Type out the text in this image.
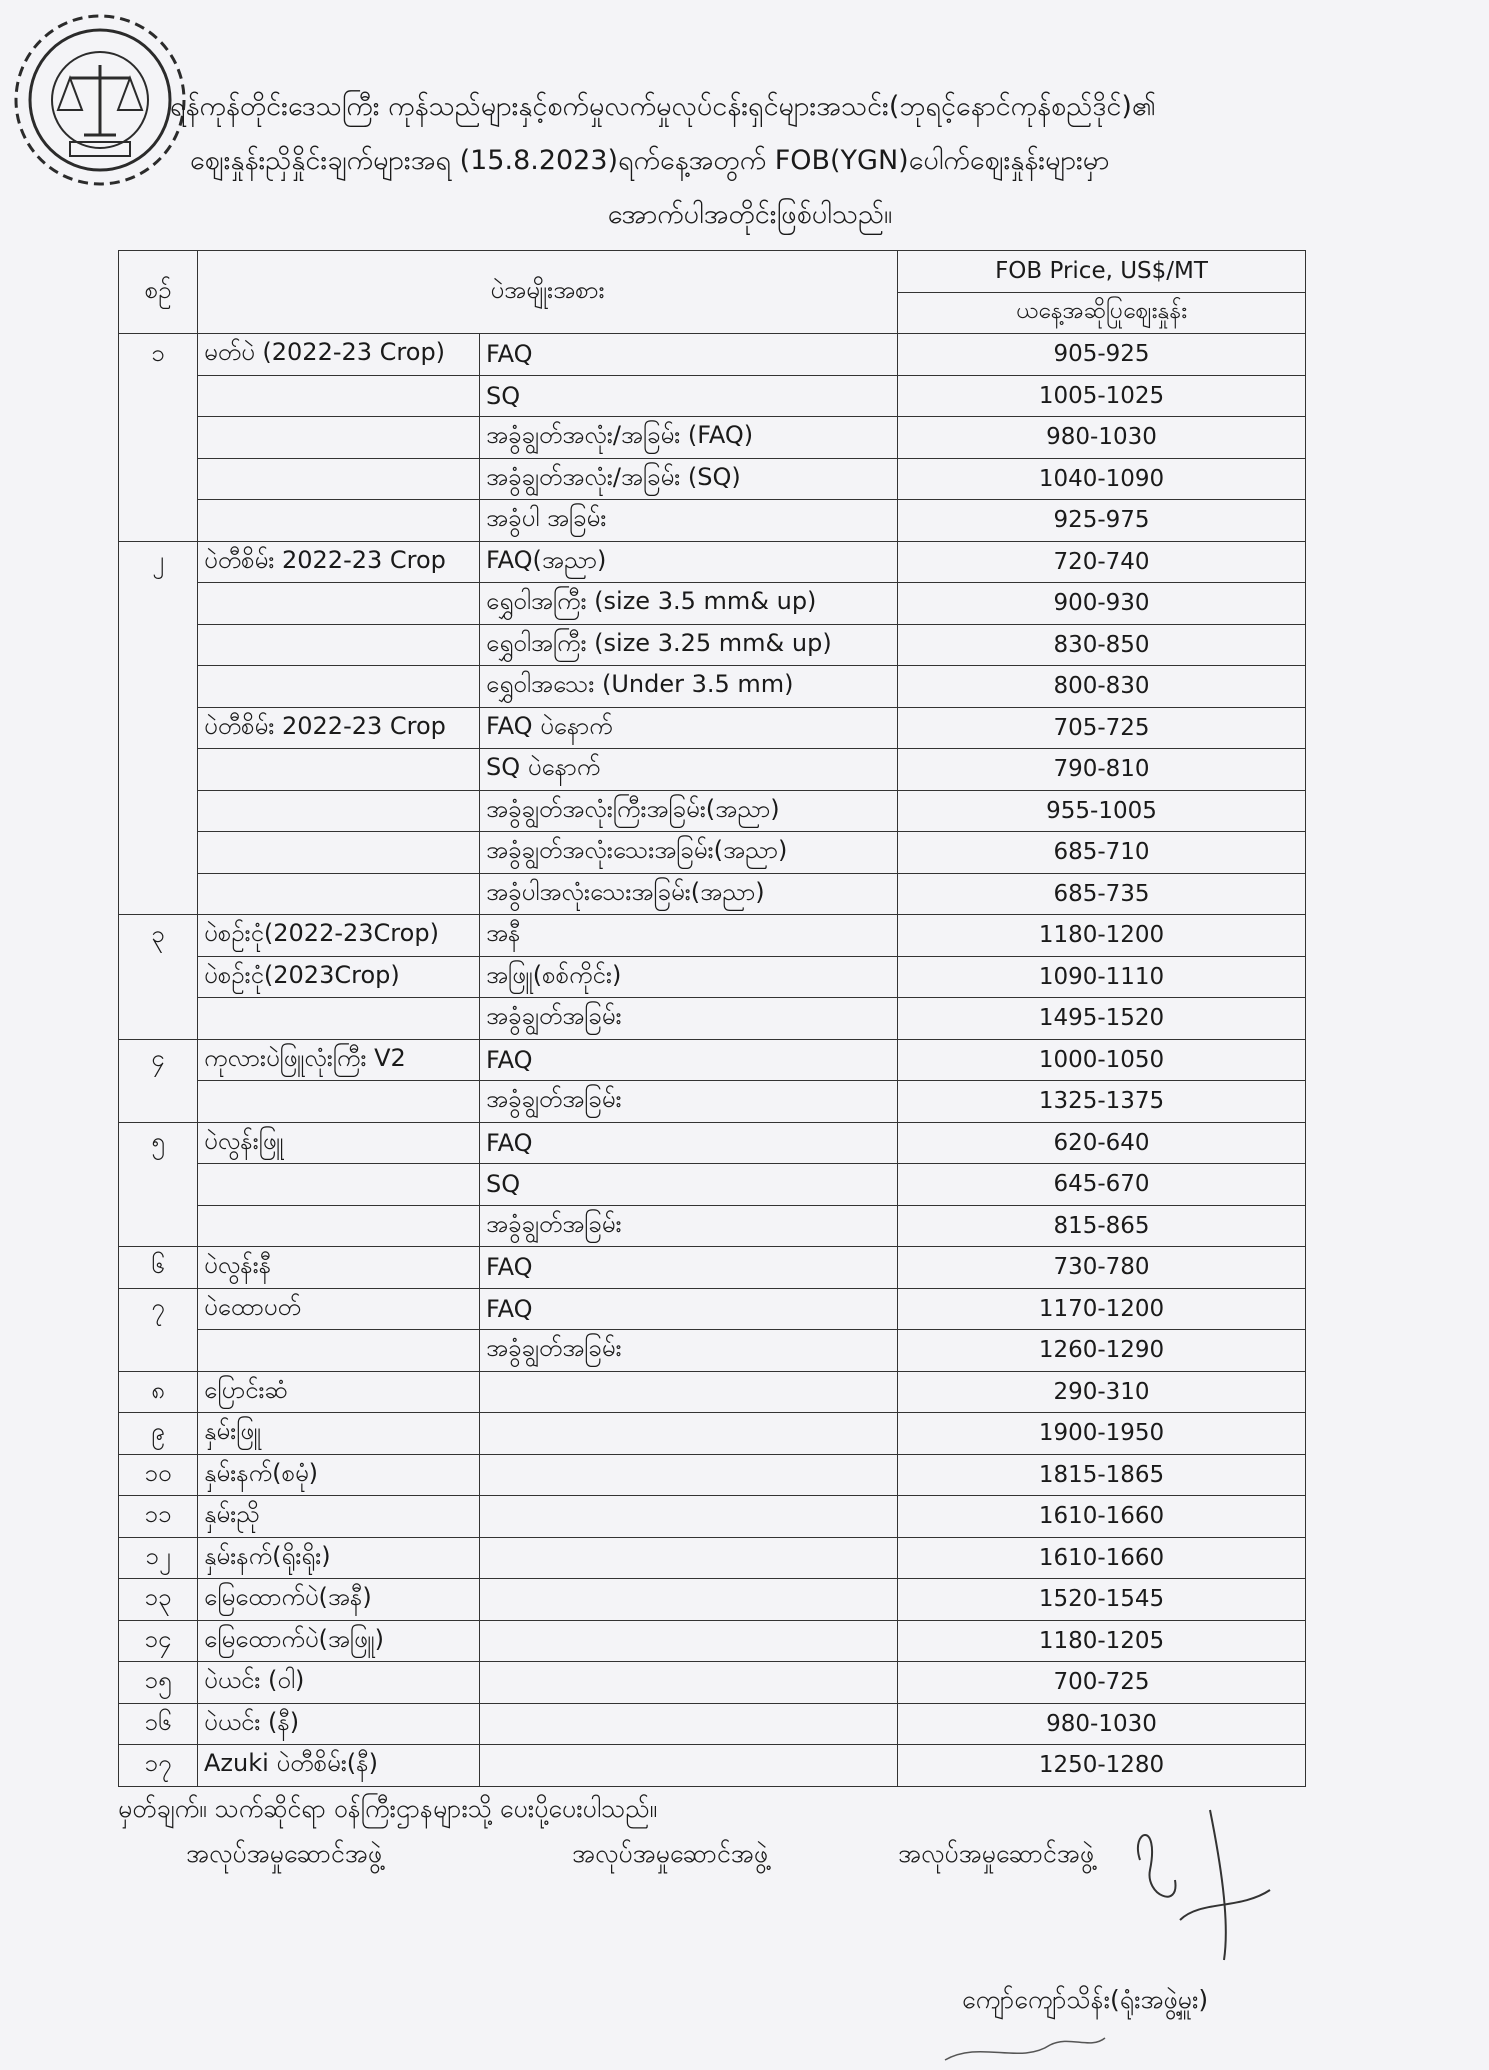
ရန်ကုန်တိုင်းဒေသကြီး ကုန်သည်များနှင့်စက်မှုလက်မှုလုပ်ငန်းရှင်များအသင်း(ဘုရင့်နောင်ကုန်စည်ဒိုင်)၏
ဈေးနှုန်းညှိနှိုင်းချက်များအရ (15.8.2023)ရက်နေ့အတွက် FOB(YGN)ပေါက်ဈေးနှုန်းများမှာ
အောက်ပါအတိုင်းဖြစ်ပါသည်။
စဉ်	ပဲအမျိုးအစား		FOB Price, US$/MT
			ယနေ့အဆိုပြုဈေးနှုန်း
၁	မတ်ပဲ (2022-23 Crop)	FAQ	905-925
		SQ	1005-1025
		အခွံချွတ်အလုံး/အခြမ်း (FAQ)	980-1030
		အခွံချွတ်အလုံး/အခြမ်း (SQ)	1040-1090
		အခွံပါ အခြမ်း	925-975
၂	ပဲတီစိမ်း 2022-23 Crop	FAQ(အညာ)	720-740
		ရွှေဝါအကြီး (size 3.5 mm& up)	900-930
		ရွှေဝါအကြီး (size 3.25 mm& up)	830-850
		ရွှေဝါအသေး (Under 3.5 mm)	800-830
	ပဲတီစိမ်း 2022-23 Crop	FAQ ပဲနောက်	705-725
		SQ ပဲနောက်	790-810
		အခွံချွတ်အလုံးကြီးအခြမ်း(အညာ)	955-1005
		အခွံချွတ်အလုံးသေးအခြမ်း(အညာ)	685-710
		အခွံပါအလုံးသေးအခြမ်း(အညာ)	685-735
၃	ပဲစဉ်းငုံ(2022-23Crop)	အနီ	1180-1200
	ပဲစဉ်းငုံ(2023Crop)	အဖြူ(စစ်ကိုင်း)	1090-1110
		အခွံချွတ်အခြမ်း	1495-1520
၄	ကုလားပဲဖြူလုံးကြီး V2	FAQ	1000-1050
		အခွံချွတ်အခြမ်း	1325-1375
၅	ပဲလွန်းဖြူ	FAQ	620-640
		SQ	645-670
		အခွံချွတ်အခြမ်း	815-865
၆	ပဲလွန်းနီ	FAQ	730-780
၇	ပဲထောပတ်	FAQ	1170-1200
		အခွံချွတ်အခြမ်း	1260-1290
၈	ပြောင်းဆံ		290-310
၉	နှမ်းဖြူ		1900-1950
၁၀	နှမ်းနက်(စမုံ)		1815-1865
၁၁	နှမ်းညို		1610-1660
၁၂	နှမ်းနက်(ရိုးရိုး)		1610-1660
၁၃	မြေထောက်ပဲ(အနီ)		1520-1545
၁၄	မြေထောက်ပဲ(အဖြူ)		1180-1205
၁၅	ပဲယင်း (ဝါ)		700-725
၁၆	ပဲယင်း (နီ)		980-1030
၁၇	Azuki ပဲတီစိမ်း(နီ)		1250-1280
မှတ်ချက်။ သက်ဆိုင်ရာ ဝန်ကြီးဌာနများသို့ ပေးပို့ပေးပါသည်။
အလုပ်အမှုဆောင်အဖွဲ့	အလုပ်အမှုဆောင်အဖွဲ့	အလုပ်အမှုဆောင်အဖွဲ့
ကျော်ကျော်သိန်း(ရုံးအဖွဲ့မှူး)
